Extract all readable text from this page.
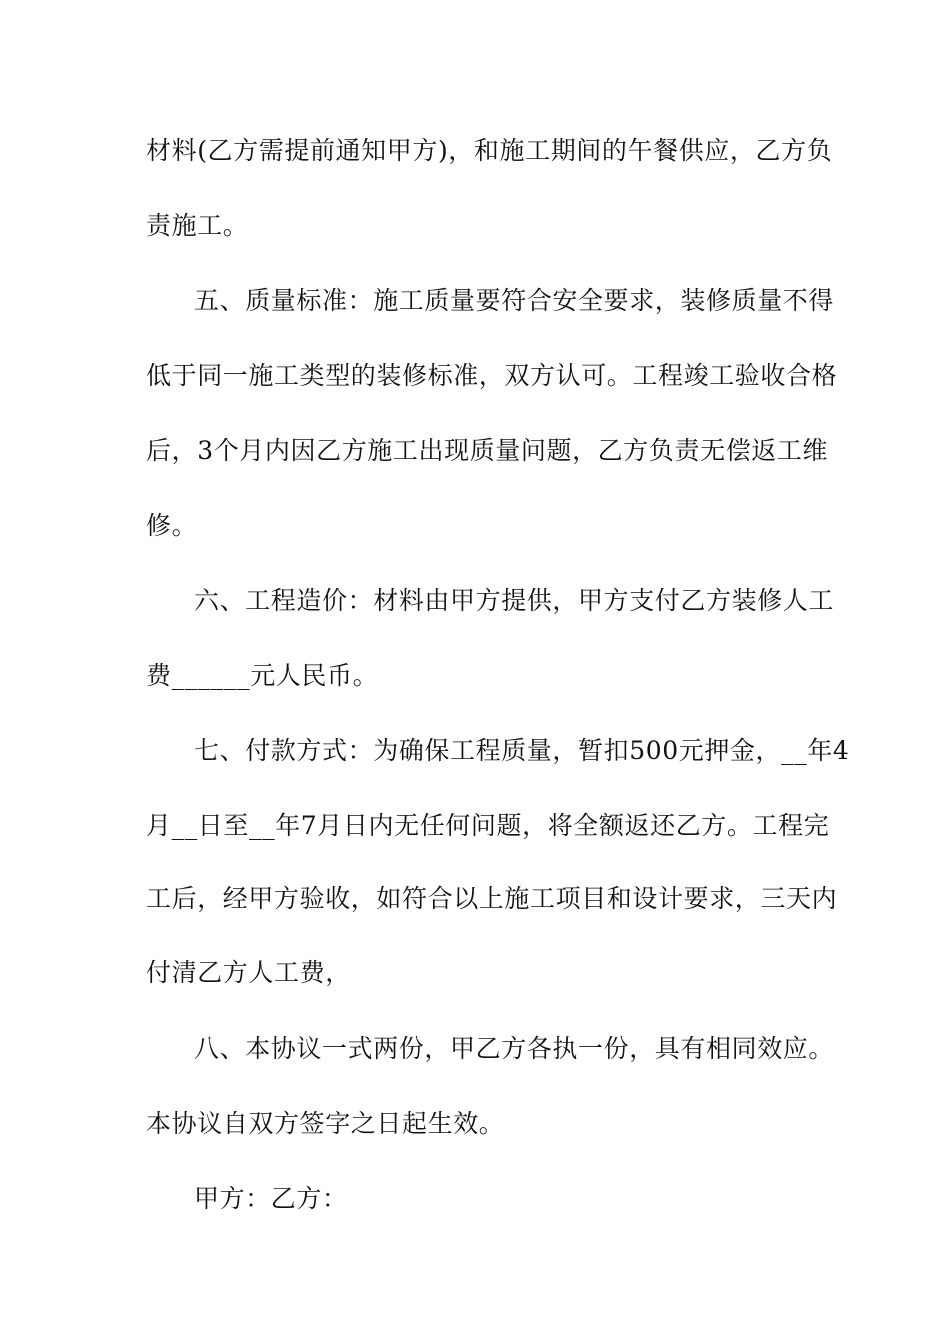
材料(乙方需提前通知甲方)，和施工期间的午餐供应，乙方负
责施工。
五、质量标准：施工质量要符合安全要求，装修质量不得
低于同一施工类型的装修标准，双方认可。工程竣工验收合格
后，3个月内因乙方施工出现质量问题，乙方负责无偿返工维
修。
六、工程造价：材料由甲方提供，甲方支付乙方装修人工
费______元人民币。
七、付款方式：为确保工程质量，暂扣500元押金，__年4
月__日至__年7月日内无任何问题，将全额返还乙方。工程完
工后，经甲方验收，如符合以上施工项目和设计要求，三天内
付清乙方人工费，
八、本协议一式两份，甲乙方各执一份，具有相同效应。
本协议自双方签字之日起生效。
甲方：乙方：
